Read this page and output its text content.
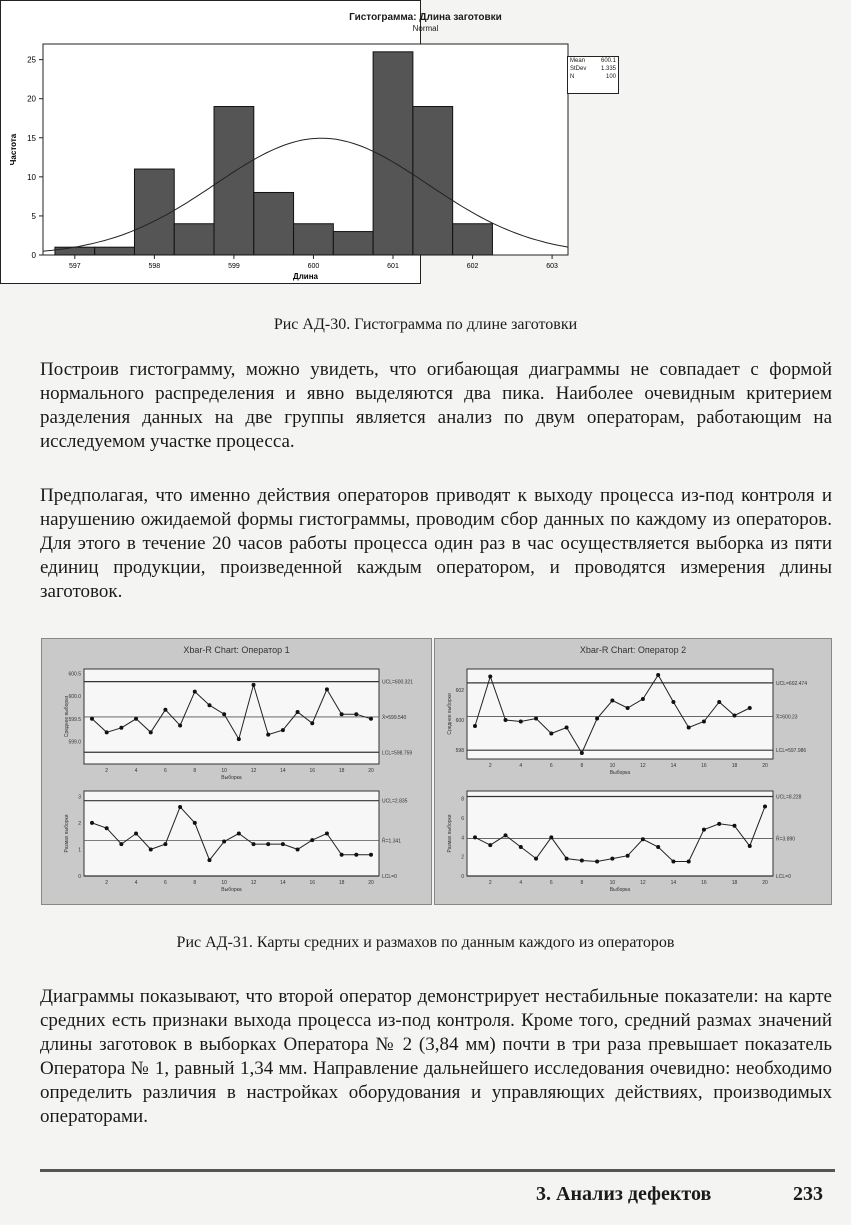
Гистограмма: Длина заготовки
Normal
0
5
10
15
20
25
597	598	599	600	601	602	603
Длина
Частота
Mean	600.1
StDev 1.335
N	100
Рис АД-30. Гистограмма по длине заготовки

Построив гистограмму, можно увидеть, что огибающая диаграммы не совпадает с формой нормального распределения и явно выделяются два пика. Наиболее очевидным критерием разделения данных на две группы является анализ по двум операторам, работающим на исследуемом участке процесса.

Предполагая, что именно действия операторов приводят к выходу процесса из-под контроля и нарушению ожидаемой формы гистограммы, проводим сбор данных по каждому из операторов. Для этого в течение 20 часов работы процесса один раз в час осуществляется выборка из пяти единиц продукции, произведенной каждым оператором, и проводятся измерения длины заготовок.

Xbar-R Chart: Оператор 1
599.0
599.5
600.0
600.5
2	4	6	8	10	12	14	16	18	20
Выборка
Среднее выборки
UCL=600.321
X̄=599.540
LCL=598.759
0
1
2
3
2	4	6	8	10	12	14	16	18	20
Выборка
Размах выборки
UCL=2.835
R̄=1.341
LCL=0
Xbar-R Chart: Оператор 2
598
600
602
2	4	6	8	10	12	14	16	18	20
Выборка
Среднее выборки
UCL=602.474
X̄=600.23
LCL=597.986
0
2
4
6
8
2	4	6	8	10	12	14	16	18	20
Выборка
Размах выборки
UCL=8.228
R̄=3.890
LCL=0
Рис АД-31. Карты средних и размахов по данным каждого из операторов

Диаграммы показывают, что второй оператор демонстрирует нестабильные показатели: на карте средних есть признаки выхода процесса из-под контроля. Кроме того, средний размах значений длины заготовок в выборках Оператора № 2 (3,84 мм) почти в три раза превышает показатель Оператора № 1, равный 1,34 мм. Направление дальнейшего исследования очевидно: необходимо определить различия в настройках оборудования и управляющих действиях, производимых операторами.

3. Анализ дефектов	233
